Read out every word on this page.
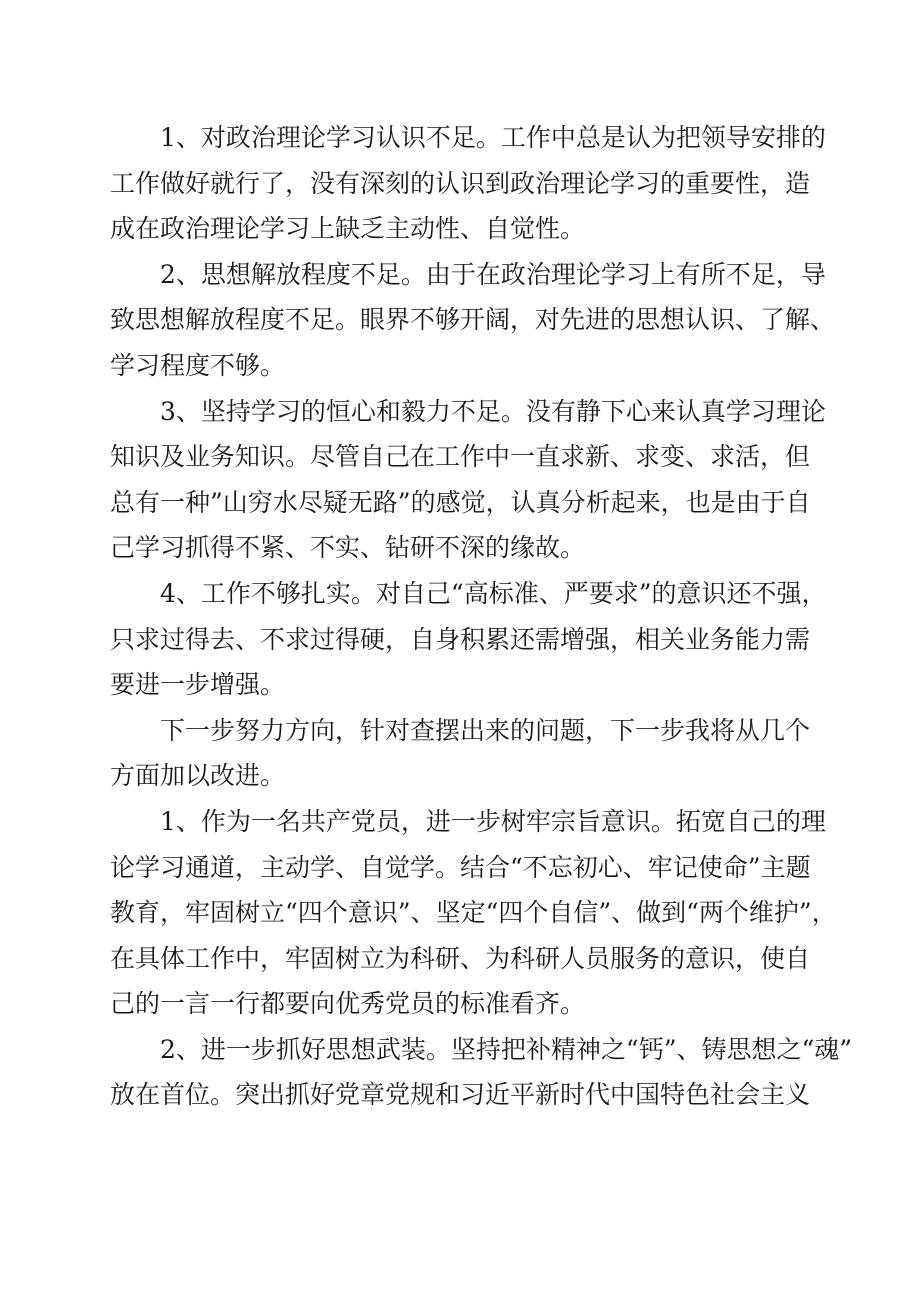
1、对政治理论学习认识不足。工作中总是认为把领导安排的
工作做好就行了，没有深刻的认识到政治理论学习的重要性，造
成在政治理论学习上缺乏主动性、自觉性。
2、思想解放程度不足。由于在政治理论学习上有所不足，导
致思想解放程度不足。眼界不够开阔，对先进的思想认识、了解、
学习程度不够。
3、坚持学习的恒心和毅力不足。没有静下心来认真学习理论
知识及业务知识。尽管自己在工作中一直求新、求变、求活，但
总有一种”山穷水尽疑无路”的感觉，认真分析起来，也是由于自
己学习抓得不紧、不实、钻研不深的缘故。
4、工作不够扎实。对自己“高标准、严要求”的意识还不强，
只求过得去、不求过得硬，自身积累还需增强，相关业务能力需
要进一步增强。
下一步努力方向，针对查摆出来的问题，下一步我将从几个
方面加以改进。
1、作为一名共产党员，进一步树牢宗旨意识。拓宽自己的理
论学习通道，主动学、自觉学。结合“不忘初心、牢记使命”主题
教育，牢固树立“四个意识”、坚定“四个自信”、做到“两个维护”，
在具体工作中，牢固树立为科研、为科研人员服务的意识，使自
己的一言一行都要向优秀党员的标准看齐。
2、进一步抓好思想武装。坚持把补精神之“钙”、铸思想之“魂”
放在首位。突出抓好党章党规和习近平新时代中国特色社会主义
